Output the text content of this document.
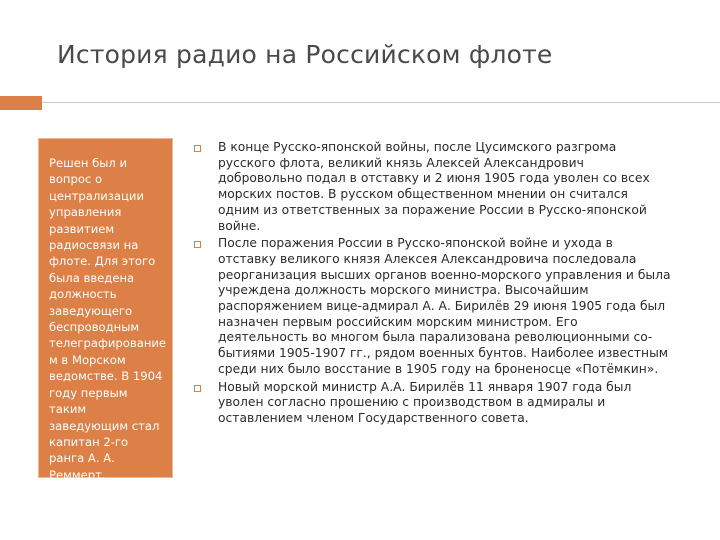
История радио на Российском флоте
Решен был и вопрос о централизации управления развитием радиосвязи на флоте. Для этого была введена должность заведующего беспроводным телеграфирование м в Морском ведомстве. В 1904 году первым таким заведующим стал капитан 2-го ранга А. А. Реммерт.
В конце Русско-японской войны, после Цусимского разгрома русского флота, великий князь Алексей Александрович добровольно подал в отставку и 2 июня 1905 года уволен со всех морских постов. В русском общественном мнении он считался одним из ответственных за поражение России в Русско-японской войне.
После поражения России в Русско-японской войне и ухода в отставку великого князя Алексея Александровича последовала реорганизация высших органов военно-морского управления и была учреждена должность морского министра. Высочайшим распоряжением вице-адмирал А. А. Бирилёв 29 июня 1905 года был назначен первым российским морским министром. Его деятельность во многом была парализована революционными со-бытиями 1905-1907 гг., рядом военных бунтов. Наиболее известным среди них было восстание в 1905 году на броненосце «Потёмкин».
Новый морской министр А.А. Бирилёв 11 января 1907 года был уволен согласно прошению с производством в адмиралы и оставлением членом Государственного совета.
